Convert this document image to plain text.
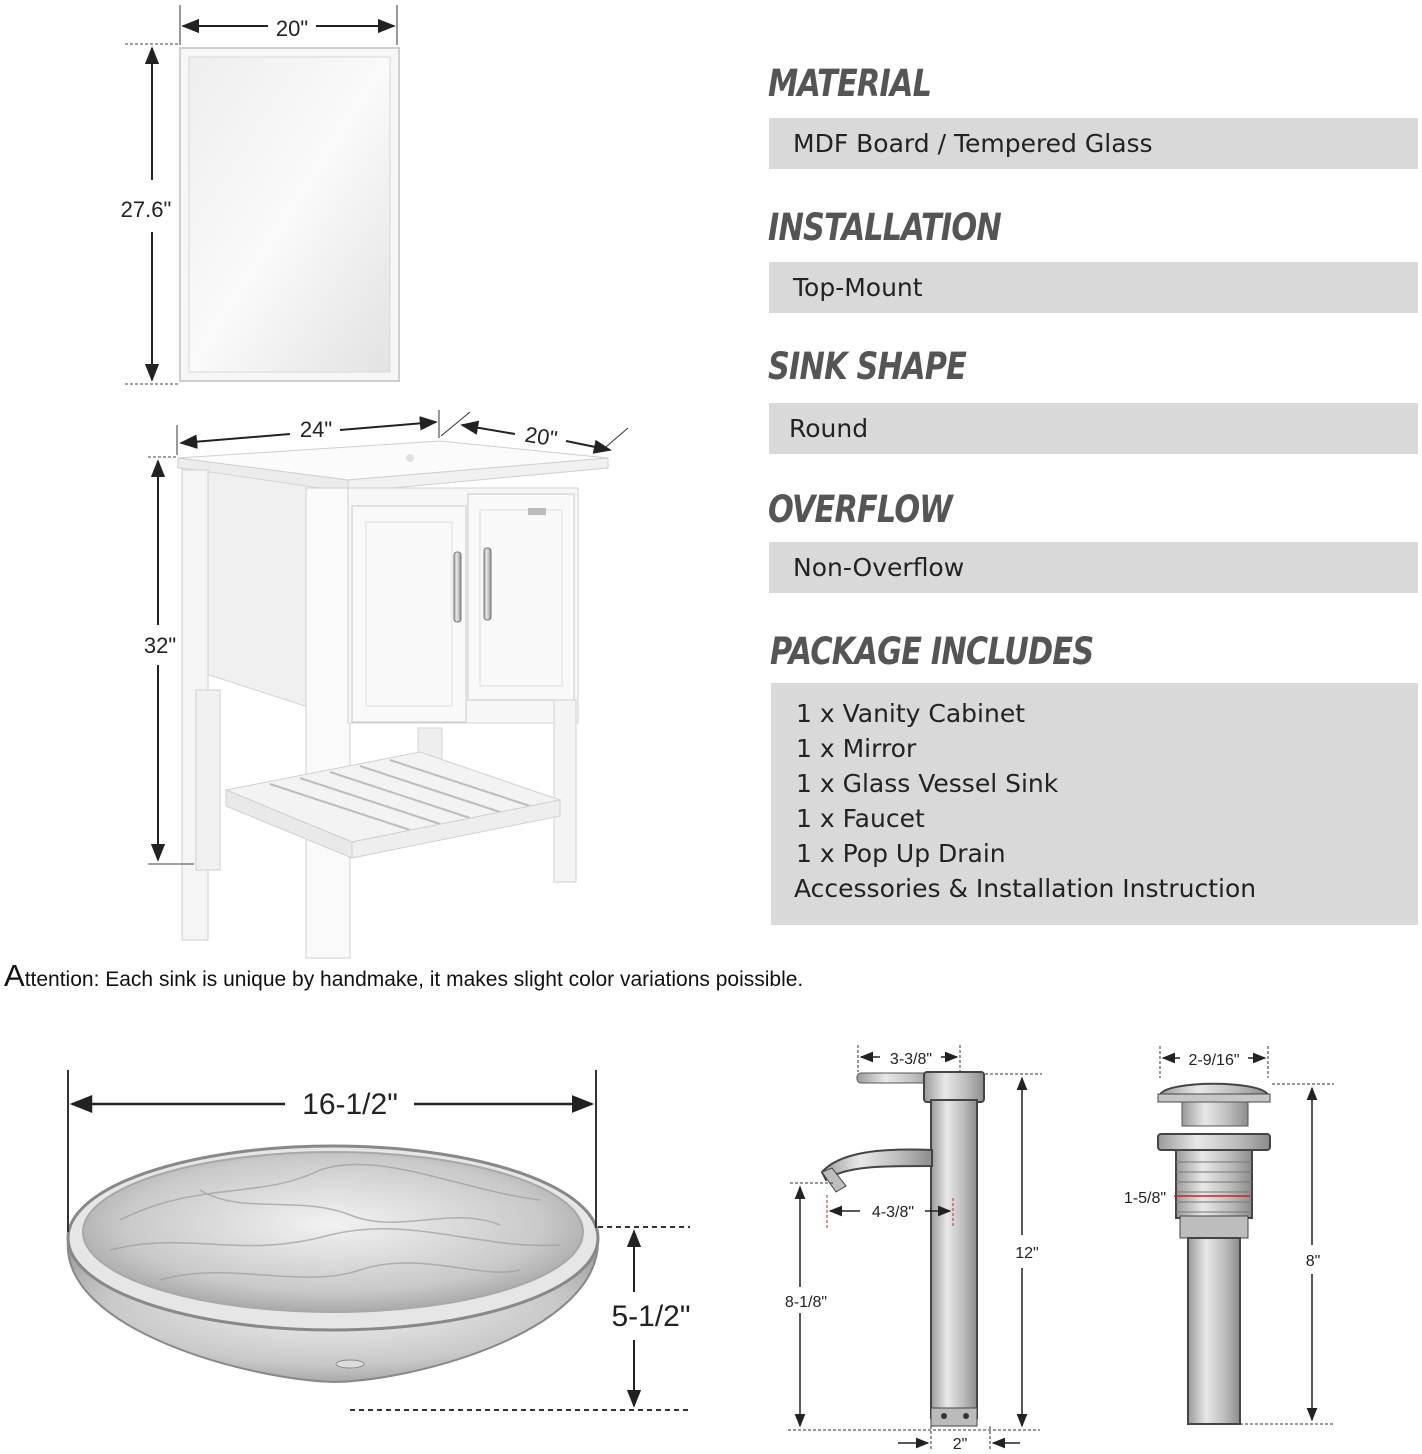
20"
27.6"
24"	20"
32"
16-1/2"
5-1/2"
3-3/8"
4-3/8"
8-1/8"
12"
2"
2-9/16"
1-5/8"
8"
MATERIAL
MDF Board / Tempered Glass
INSTALLATION
Top-Mount
SINK SHAPE
Round
OVERFLOW
Non-Overflow
PACKAGE INCLUDES
1 x Vanity Cabinet
1 x Mirror
1 x Glass Vessel Sink
1 x Faucet
1 x Pop Up Drain
Accessories & Installation Instruction
Attention: Each sink is unique by handmake, it makes slight color variations poissible.
